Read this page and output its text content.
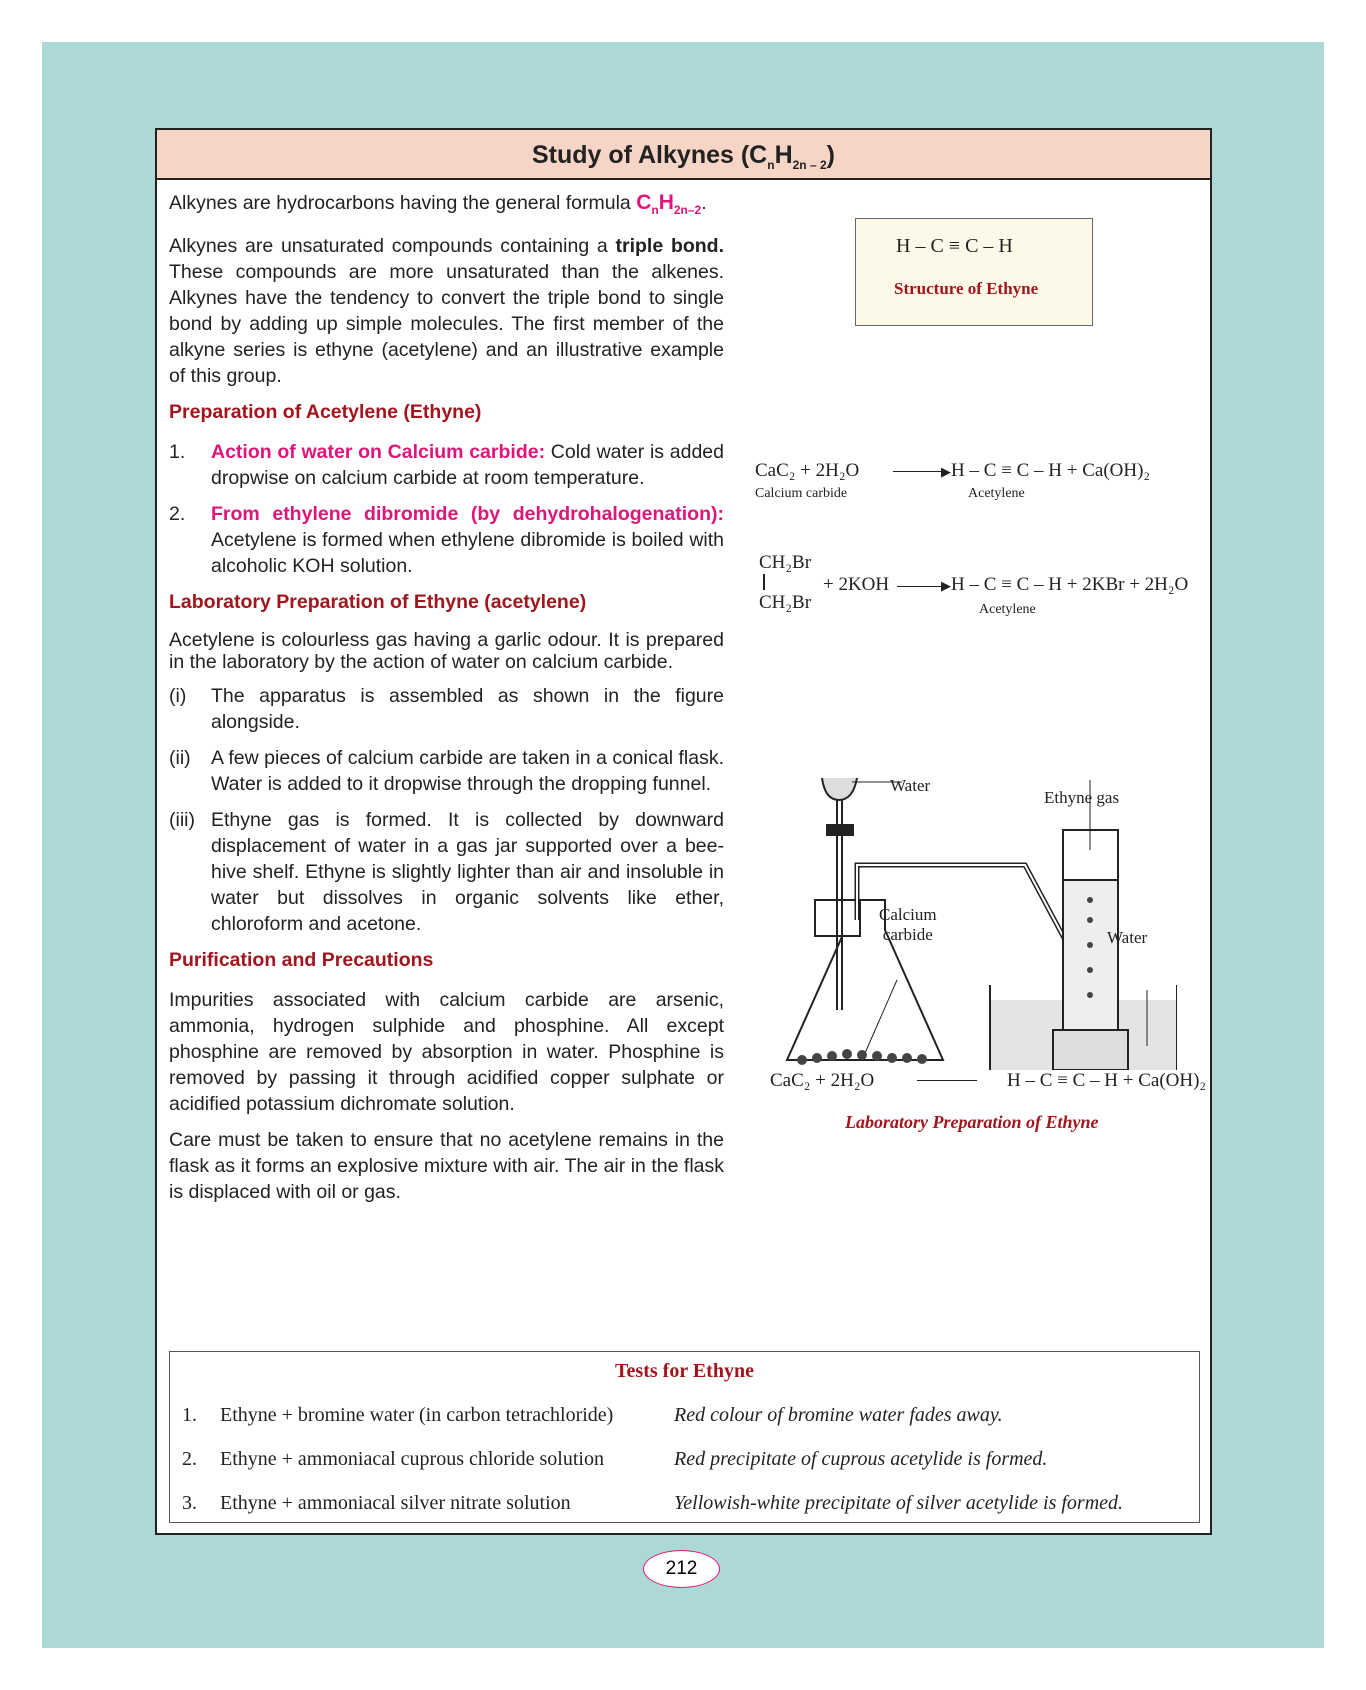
Study of Alkynes $(C_nH_{2n - 2})$

Alkynes are hydrocarbons having the general formula $C_nH_{2n-2}$.

Alkynes are unsaturated compounds containing a triple bond. These compounds are more unsaturated than the alkenes. Alkynes have the tendency to convert the triple bond to single bond by adding up simple molecules. The first member of the alkyne series is ethyne (acetylene) and an illustrative example of this group.

Preparation of Acetylene (Ethyne)
1.	Action of water on Calcium carbide: Cold water is added dropwise on calcium carbide at room temperature.
2.	From ethylene dibromide (by dehydrohalogenation): Acetylene is formed when ethylene dibromide is boiled with alcoholic KOH solution.
Laboratory Preparation of Ethyne (acetylene)

Acetylene is colourless gas having a garlic odour. It is prepared in the laboratory by the action of water on calcium carbide.

(i)	The apparatus is assembled as shown in the figure alongside.
(ii)	A few pieces of calcium carbide are taken in a conical flask. Water is added to it dropwise through the dropping funnel.
(iii) Ethyne gas is formed. It is collected by downward displacement of water in a gas jar supported over a bee-hive shelf. Ethyne is slightly lighter than air and insoluble in water but dissolves in organic solvents like ether, chloroform and acetone.
Purification and Precautions

Impurities associated with calcium carbide are arsenic, ammonia, hydrogen sulphide and phosphine. All except phosphine are removed by absorption in water. Phosphine is removed by passing it through acidified copper sulphate or acidified potassium dichromate solution.

Care must be taken to ensure that no acetylene remains in the flask as it forms an explosive mixture with air. The air in the flask is displaced with oil or gas.

H – C ≡ C – H
Structure of Ethyne
CaC₂ + 2H₂O	▶ H – C ≡ C – H + Ca(OH)₂
Calcium carbide	Acetylene
CH₂Br
CH₂Br
+ 2KOH	▶ H – C ≡ C – H + 2KBr + 2H₂O
Acetylene
Water
Ethyne gas
Calcium
carbide	Water
CaC₂ + 2H₂O	H – C ≡ C – H + Ca(OH)₂
Laboratory Preparation of Ethyne
Tests for Ethyne
1.	Ethyne + bromine water (in carbon tetrachloride)	Red colour of bromine water fades away.
2.	Ethyne + ammoniacal cuprous chloride solution	Red precipitate of cuprous acetylide is formed.
3.	Ethyne + ammoniacal silver nitrate solution	Yellowish-white precipitate of silver acetylide is formed.
212
